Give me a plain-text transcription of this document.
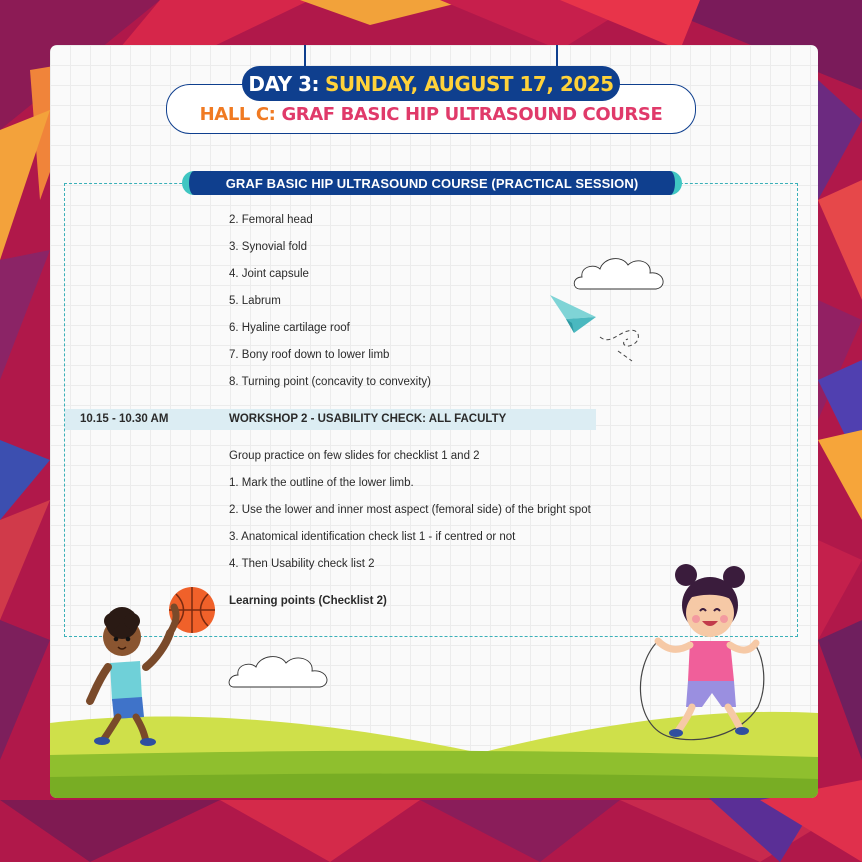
DAY 3: SUNDAY, AUGUST 17, 2025
HALL C: GRAF BASIC HIP ULTRASOUND COURSE
GRAF BASIC HIP ULTRASOUND COURSE (PRACTICAL SESSION)
2. Femoral head
3. Synovial fold
4. Joint capsule
5. Labrum
6. Hyaline cartilage roof
7. Bony roof down to lower limb
8. Turning point (concavity to convexity)
10.15 - 10.30 AM	WORKSHOP 2 - USABILITY CHECK: ALL FACULTY
Group practice on few slides for checklist 1 and 2
1. Mark the outline of the lower limb.
2. Use the lower and inner most aspect (femoral side) of the bright spot
3. Anatomical identification check list 1 - if centred or not
4. Then Usability check list 2
Learning points (Checklist 2)
